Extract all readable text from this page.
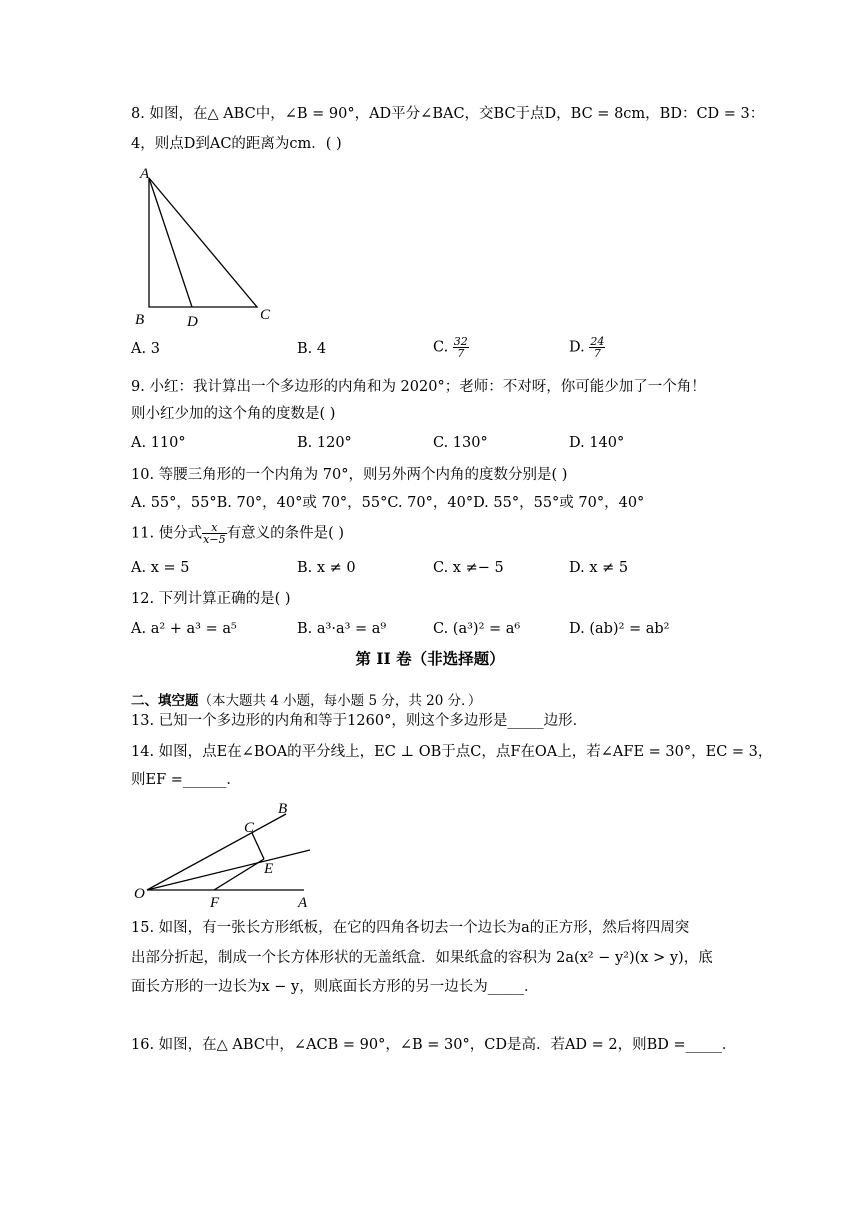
8. 如图，在△ ABC中，∠B = 90°，AD平分∠BAC，交BC于点D，BC = 8cm，BD：CD = 3：
4，则点D到AC的距离为cm．( )
A
B	D	C
A. 3	B. 4	C. $\frac{32}{7}$	D. $\frac{24}{7}$
9. 小红：我计算出一个多边形的内角和为 2020°；老师：不对呀，你可能少加了一个角！
则小红少加的这个角的度数是( )
A. 110°	B. 120°	C. 130°	D. 140°
10. 等腰三角形的一个内角为 70°，则另外两个内角的度数分别是( )
A. 55°，55°B. 70°，40°或 70°，55°C. 70°，40°D. 55°，55°或 70°，40°
11. 使分式 $\frac{x}{x-5}$ 有意义的条件是( )
A. x = 5	B. x ≠ 0	C. x ≠− 5	D. x ≠ 5
12. 下列计算正确的是( )
A. a² + a³ = a⁵	B. a³·a³ = a⁹	C. (a³)² = a⁶	D. (ab)² = ab²
第 II 卷（非选择题）
二、填空题（本大题共 4 小题，每小题 5 分，共 20 分．）
13. 已知一个多边形的内角和等于1260°，则这个多边形是_____边形．
14. 如图，点E在∠BOA的平分线上，EC ⊥ OB于点C，点F在OA上，若∠AFE = 30°，EC = 3，
则EF =______．
B
C
E
O
F	A
15. 如图，有一张长方形纸板，在它的四角各切去一个边长为a的正方形，然后将四周突
出部分折起，制成一个长方体形状的无盖纸盒．如果纸盒的容积为 2a(x² − y²)(x > y)，底
面长方形的一边长为x − y，则底面长方形的另一边长为_____．
16. 如图，在△ ABC中，∠ACB = 90°，∠B = 30°，CD是高．若AD = 2，则BD =_____．
